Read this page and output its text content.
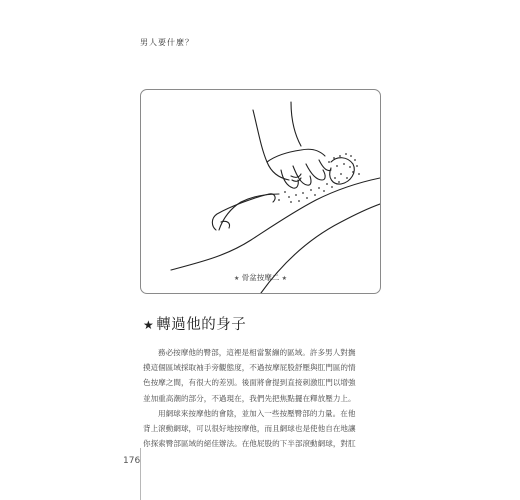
男人要什麼？
★ 骨盆按摩二 ★
★ 轉過他的身子

務必按摩他的臀部，這裡是相當緊繃的區域。許多男人對撫
摸這個區域採取袖手旁觀態度，不過按摩屁股舒壓與肛門區的情
色按摩之間，有很大的差別。後面將會提到直接刺激肛門以增強
並加重高潮的部分，不過現在，我們先把焦點擺在釋放壓力上。

用網球來按摩他的會陰，並加入一些按壓臀部的力量。在他
背上滾動網球，可以很好地按摩他，而且網球也是使他自在地讓
你探索臀部區域的絕佳辦法。在他屁股的下半部滾動網球，對肛

176
